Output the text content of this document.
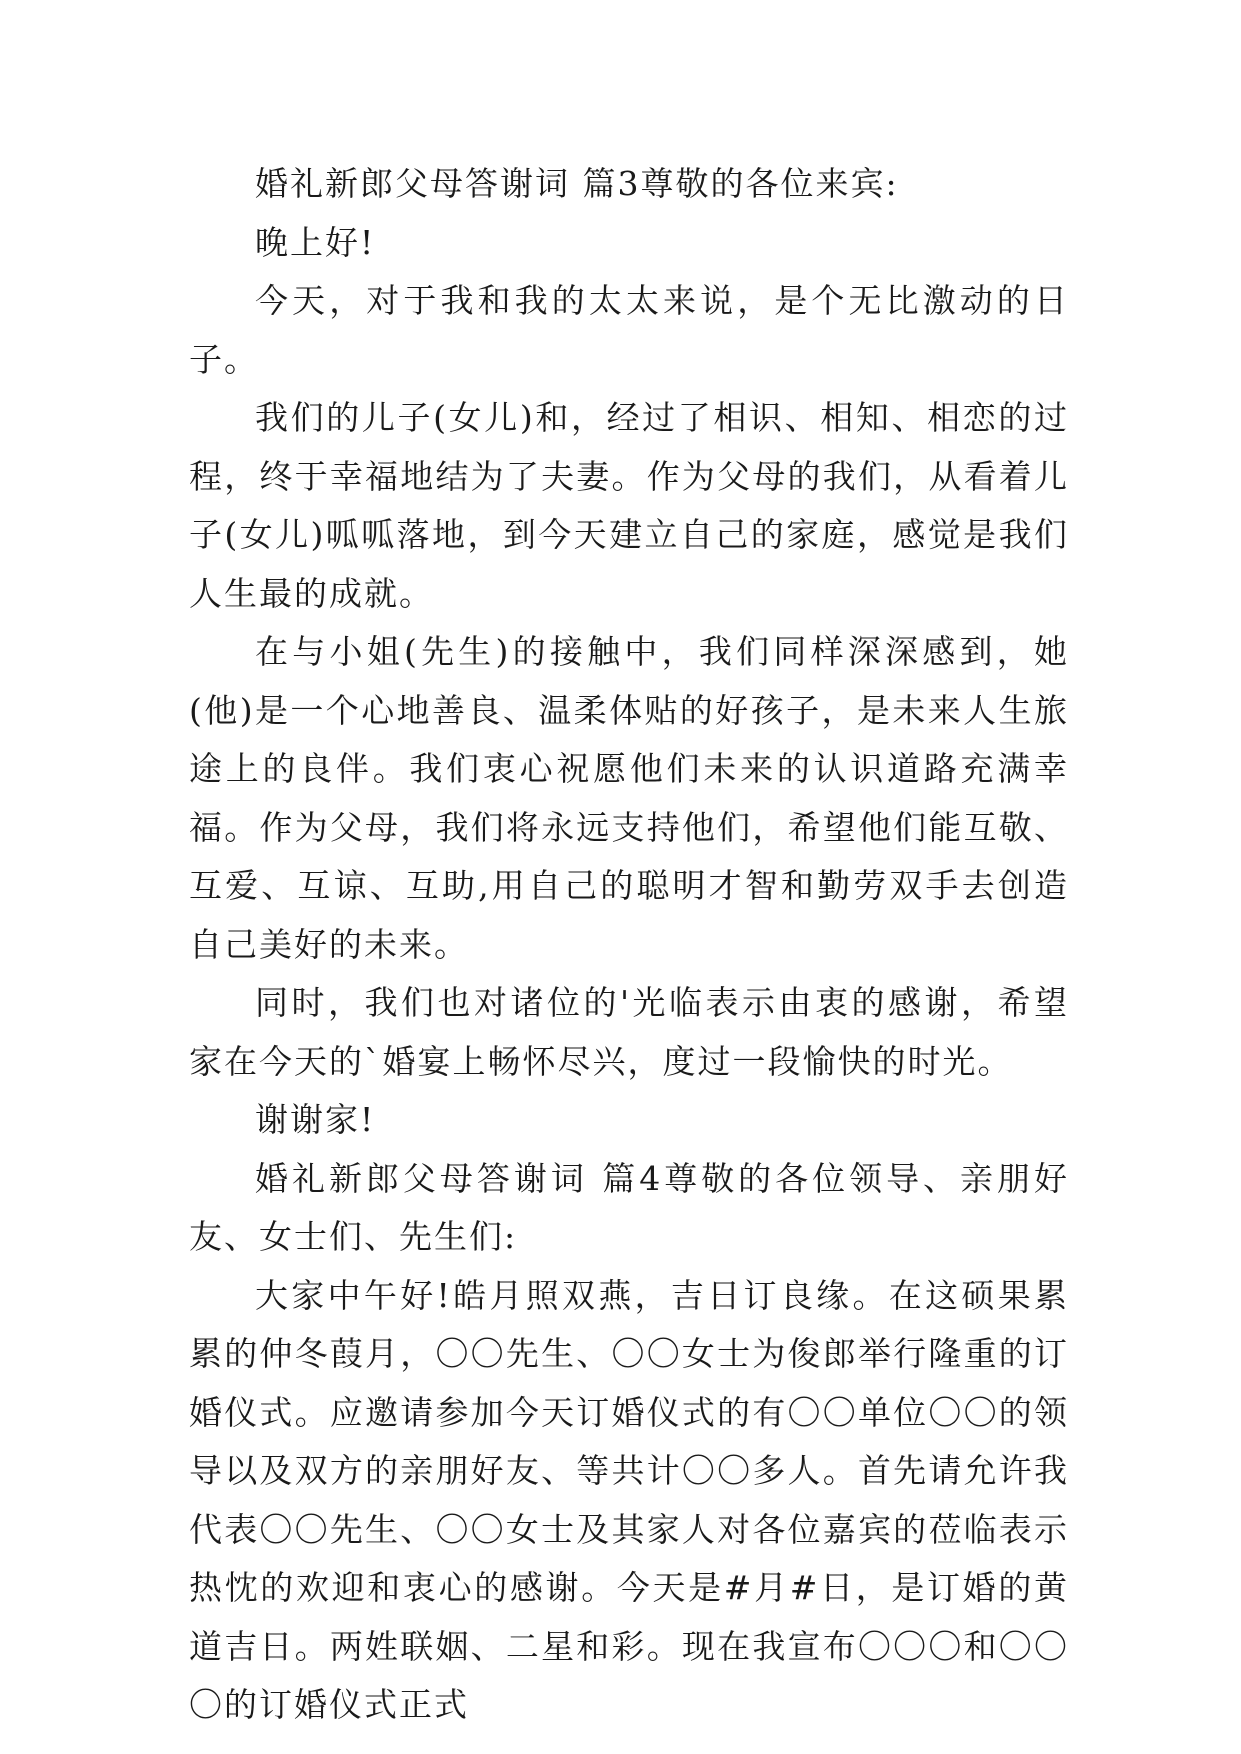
婚礼新郎父母答谢词 篇3尊敬的各位来宾:

晚上好!

今天，对于我和我的太太来说，是个无比激动的日子。

我们的儿子(女儿)和，经过了相识、相知、相恋的过程，终于幸福地结为了夫妻。作为父母的我们，从看着儿子(女儿)呱呱落地，到今天建立自己的家庭，感觉是我们人生最的成就。

在与小姐(先生)的接触中，我们同样深深感到，她(他)是一个心地善良、温柔体贴的好孩子，是未来人生旅途上的良伴。我们衷心祝愿他们未来的认识道路充满幸福。作为父母，我们将永远支持他们，希望他们能互敬、互爱、互谅、互助,用自己的聪明才智和勤劳双手去创造自己美好的未来。

同时，我们也对诸位的'光临表示由衷的感谢，希望家在今天的`婚宴上畅怀尽兴，度过一段愉快的时光。

谢谢家!

婚礼新郎父母答谢词 篇4尊敬的各位领导、亲朋好友、女士们、先生们:

大家中午好!皓月照双燕，吉日订良缘。在这硕果累累的仲冬葭月，〇〇先生、〇〇女士为俊郎举行隆重的订婚仪式。应邀请参加今天订婚仪式的有〇〇单位〇〇的领导以及双方的亲朋好友、等共计〇〇多人。首先请允许我代表〇〇先生、〇〇女士及其家人对各位嘉宾的莅临表示热忱的欢迎和衷心的感谢。今天是#月#日，是订婚的黄道吉日。两姓联姻、二星和彩。现在我宣布〇〇〇和〇〇〇的订婚仪式正式
